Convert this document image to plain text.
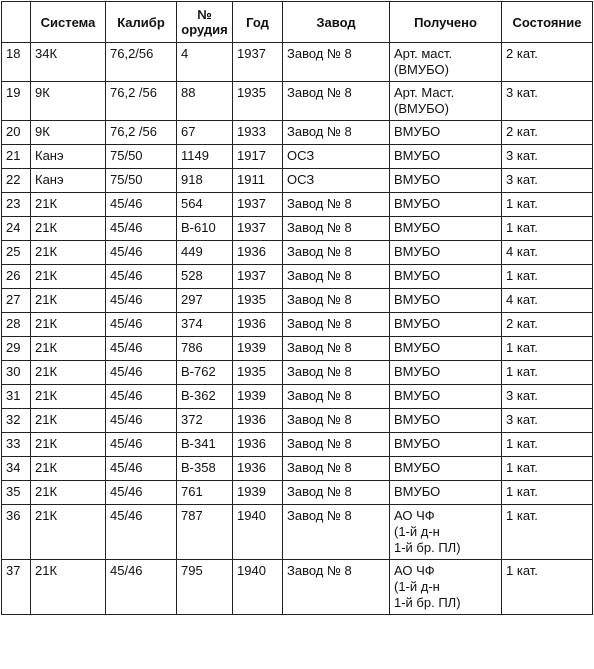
	Система	Калибр	№
орудия	Год	Завод	Получено	Состояние
18	34К	76,2/56	4	1937	Завод № 8	Арт. маст.
(ВМУБО)	2 кат.
19	9К	76,2 /56	88	1935	Завод № 8	Арт. Маст.
(ВМУБО)	3 кат.
20	9К	76,2 /56	67	1933	Завод № 8	ВМУБО	2 кат.
21	Канэ	75/50	1149	1917	ОСЗ	ВМУБО	3 кат.
22	Канэ	75/50	918	1911	ОСЗ	ВМУБО	3 кат.
23	21К	45/46	564	1937	Завод № 8	ВМУБО	1 кат.
24	21К	45/46	В-610	1937	Завод № 8	ВМУБО	1 кат.
25	21К	45/46	449	1936	Завод № 8	ВМУБО	4 кат.
26	21К	45/46	528	1937	Завод № 8	ВМУБО	1 кат.
27	21К	45/46	297	1935	Завод № 8	ВМУБО	4 кат.
28	21К	45/46	374	1936	Завод № 8	ВМУБО	2 кат.
29	21К	45/46	786	1939	Завод № 8	ВМУБО	1 кат.
30	21К	45/46	В-762	1935	Завод № 8	ВМУБО	1 кат.
31	21К	45/46	В-362	1939	Завод № 8	ВМУБО	3 кат.
32	21К	45/46	372	1936	Завод № 8	ВМУБО	3 кат.
33	21К	45/46	В-341	1936	Завод № 8	ВМУБО	1 кат.
34	21К	45/46	В-358	1936	Завод № 8	ВМУБО	1 кат.
35	21К	45/46	761	1939	Завод № 8	ВМУБО	1 кат.
36	21К	45/46	787	1940	Завод № 8	АО ЧФ
(1-й д-н
1-й бр. ПЛ)	1 кат.
37	21К	45/46	795	1940	Завод № 8	АО ЧФ
(1-й д-н
1-й бр. ПЛ)	1 кат.
